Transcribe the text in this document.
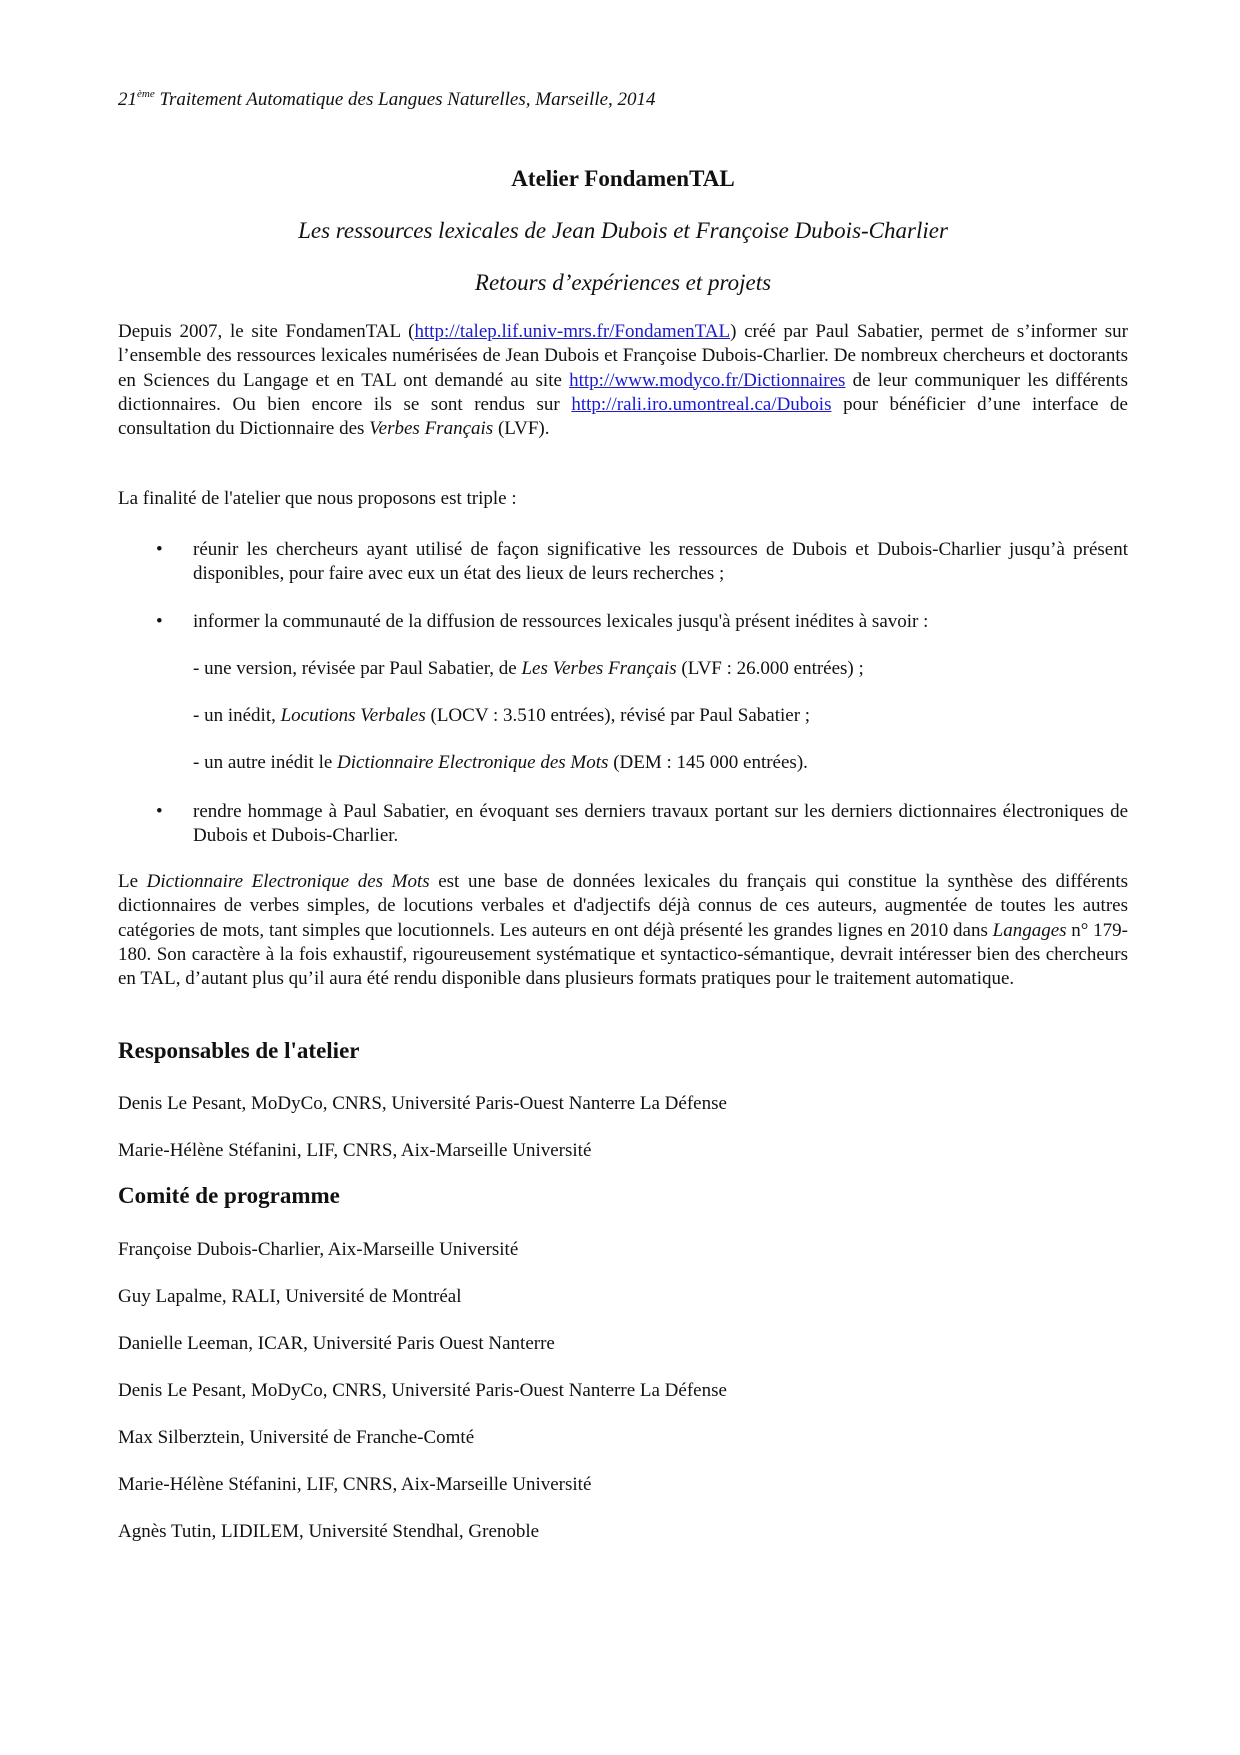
21ème Traitement Automatique des Langues Naturelles, Marseille, 2014
Atelier FondamenTAL

Les ressources lexicales de Jean Dubois et Françoise Dubois-Charlier

Retours d’expériences et projets

Depuis 2007, le site FondamenTAL (http://talep.lif.univ-mrs.fr/FondamenTAL) créé par Paul Sabatier, permet de s’informer sur l’ensemble des ressources lexicales numérisées de Jean Dubois et Françoise Dubois-Charlier. De nombreux chercheurs et doctorants en Sciences du Langage et en TAL ont demandé au site http://www.modyco.fr/Dictionnaires de leur communiquer les différents dictionnaires. Ou bien encore ils se sont rendus sur http://rali.iro.umontreal.ca/Dubois pour bénéficier d’une interface de consultation du Dictionnaire des Verbes Français (LVF).

La finalité de l'atelier que nous proposons est triple :

• réunir les chercheurs ayant utilisé de façon significative les ressources de Dubois et Dubois-Charlier jusqu’à présent disponibles, pour faire avec eux un état des lieux de leurs recherches ;

• informer la communauté de la diffusion de ressources lexicales jusqu'à présent inédites à savoir :

- une version, révisée par Paul Sabatier, de Les Verbes Français (LVF : 26.000 entrées) ;

- un inédit, Locutions Verbales (LOCV : 3.510 entrées), révisé par Paul Sabatier ;

- un autre inédit le Dictionnaire Electronique des Mots (DEM : 145 000 entrées).

• rendre hommage à Paul Sabatier, en évoquant ses derniers travaux portant sur les derniers dictionnaires électroniques de Dubois et Dubois-Charlier.

Le Dictionnaire Electronique des Mots est une base de données lexicales du français qui constitue la synthèse des différents dictionnaires de verbes simples, de locutions verbales et d'adjectifs déjà connus de ces auteurs, augmentée de toutes les autres catégories de mots, tant simples que locutionnels. Les auteurs en ont déjà présenté les grandes lignes en 2010 dans Langages n° 179-180. Son caractère à la fois exhaustif, rigoureusement systématique et syntactico-sémantique, devrait intéresser bien des chercheurs en TAL, d’autant plus qu’il aura été rendu disponible dans plusieurs formats pratiques pour le traitement automatique.

Responsables de l'atelier

Denis Le Pesant, MoDyCo, CNRS, Université Paris-Ouest Nanterre La Défense

Marie-Hélène Stéfanini, LIF, CNRS, Aix-Marseille Université

Comité de programme

Françoise Dubois-Charlier, Aix-Marseille Université

Guy Lapalme, RALI, Université de Montréal

Danielle Leeman, ICAR, Université Paris Ouest Nanterre

Denis Le Pesant, MoDyCo, CNRS, Université Paris-Ouest Nanterre La Défense

Max Silberztein, Université de Franche-Comté

Marie-Hélène Stéfanini, LIF, CNRS, Aix-Marseille Université

Agnès Tutin, LIDILEM, Université Stendhal, Grenoble
